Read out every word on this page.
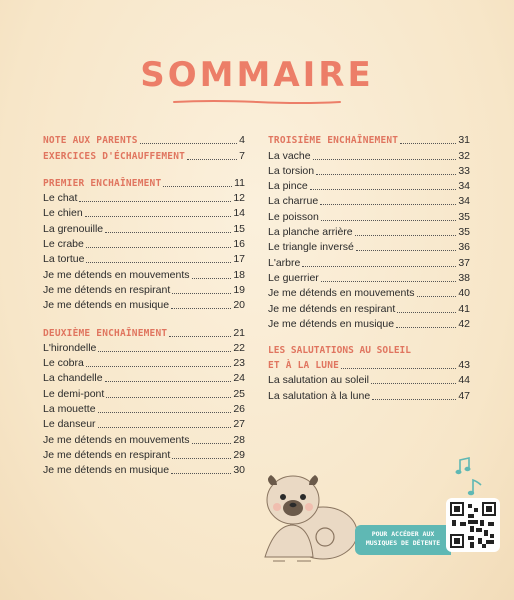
SOMMAIRE
NOTE AUX PARENTS	4
EXERCICES D'ÉCHAUFFEMENT	7
PREMIER ENCHAÎNEMENT	11
Le chat	12
Le chien	14
La grenouille	15
Le crabe	16
La tortue	17
Je me détends en mouvements	18
Je me détends en respirant	19
Je me détends en musique	20
DEUXIÈME ENCHAÎNEMENT	21
L'hirondelle	22
Le cobra	23
La chandelle	24
Le demi-pont	25
La mouette	26
Le danseur	27
Je me détends en mouvements	28
Je me détends en respirant	29
Je me détends en musique	30
TROISIÈME ENCHAÎNEMENT	31
La vache	32
La torsion	33
La pince	34
La charrue	34
Le poisson	35
La planche arrière	35
Le triangle inversé	36
L'arbre	37
Le guerrier	38
Je me détends en mouvements	40
Je me détends en respirant	41
Je me détends en musique	42
LES SALUTATIONS AU SOLEIL
ET À LA LUNE	43
La salutation au soleil	44
La salutation à la lune	47
POUR ACCÉDER AUX
MUSIQUES DE DÉTENTE
